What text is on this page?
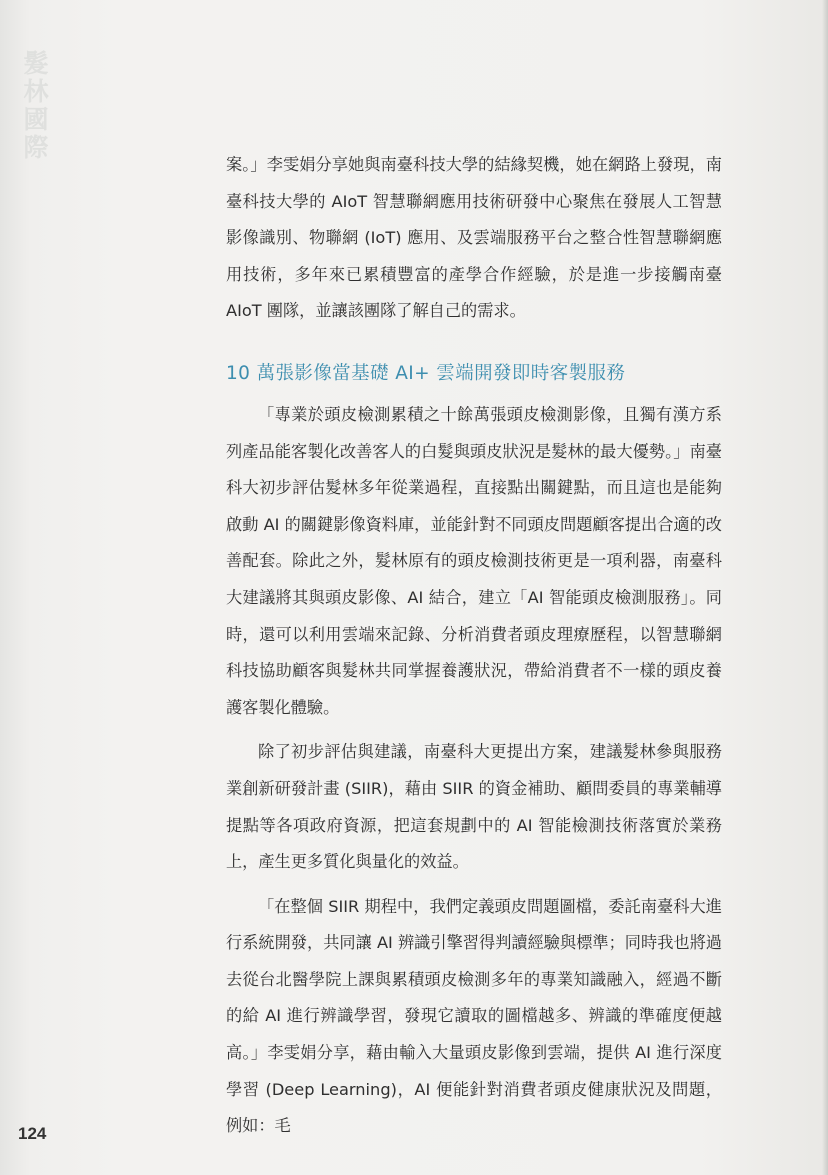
髮林國際

案。」李雯娟分享她與南臺科技大學的結緣契機，她在網路上發現，南臺科技大學的 AIoT 智慧聯網應用技術研發中心聚焦在發展人工智慧影像識別、物聯網 (IoT) 應用、及雲端服務平台之整合性智慧聯網應用技術，多年來已累積豐富的產學合作經驗，於是進一步接觸南臺 AIoT 團隊，並讓該團隊了解自己的需求。

10 萬張影像當基礎 AI+ 雲端開發即時客製服務

「專業於頭皮檢測累積之十餘萬張頭皮檢測影像，且獨有漢方系列產品能客製化改善客人的白髮與頭皮狀況是髮林的最大優勢。」南臺科大初步評估髮林多年從業過程，直接點出關鍵點，而且這也是能夠啟動 AI 的關鍵影像資料庫，並能針對不同頭皮問題顧客提出合適的改善配套。除此之外，髮林原有的頭皮檢測技術更是一項利器，南臺科大建議將其與頭皮影像、AI 結合，建立「AI 智能頭皮檢測服務」。同時，還可以利用雲端來記錄、分析消費者頭皮理療歷程，以智慧聯網科技協助顧客與髮林共同掌握養護狀況，帶給消費者不一樣的頭皮養護客製化體驗。

除了初步評估與建議，南臺科大更提出方案，建議髮林參與服務業創新研發計畫 (SIIR)，藉由 SIIR 的資金補助、顧問委員的專業輔導提點等各項政府資源，把這套規劃中的 AI 智能檢測技術落實於業務上，產生更多質化與量化的效益。

「在整個 SIIR 期程中，我們定義頭皮問題圖檔，委託南臺科大進行系統開發，共同讓 AI 辨識引擎習得判讀經驗與標準；同時我也將過去從台北醫學院上課與累積頭皮檢測多年的專業知識融入，經過不斷的給 AI 進行辨識學習，發現它讀取的圖檔越多、辨識的準確度便越高。」李雯娟分享，藉由輸入大量頭皮影像到雲端，提供 AI 進行深度學習 (Deep Learning)，AI 便能針對消費者頭皮健康狀況及問題，例如：毛

124
